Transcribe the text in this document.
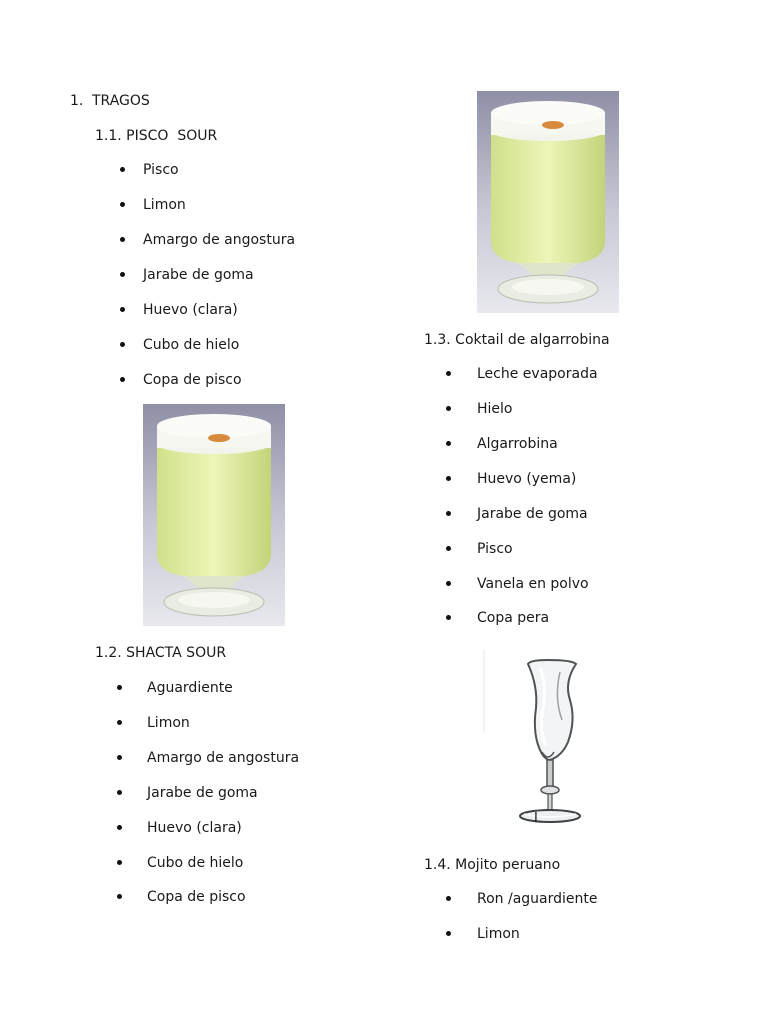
1. TRAGOS
1.1. PISCO  SOUR
Pisco
Limon
Amargo de angostura
Jarabe de goma
Huevo (clara)
Cubo de hielo
Copa de pisco
1.2. SHACTA SOUR
Aguardiente
Limon
Amargo de angostura
Jarabe de goma
Huevo (clara)
Cubo de hielo
Copa de pisco
1.3. Coktail de algarrobina
Leche evaporada
Hielo
Algarrobina
Huevo (yema)
Jarabe de goma
Pisco
Vanela en polvo
Copa pera
I
1.4. Mojito peruano
Ron /aguardiente
Limon
